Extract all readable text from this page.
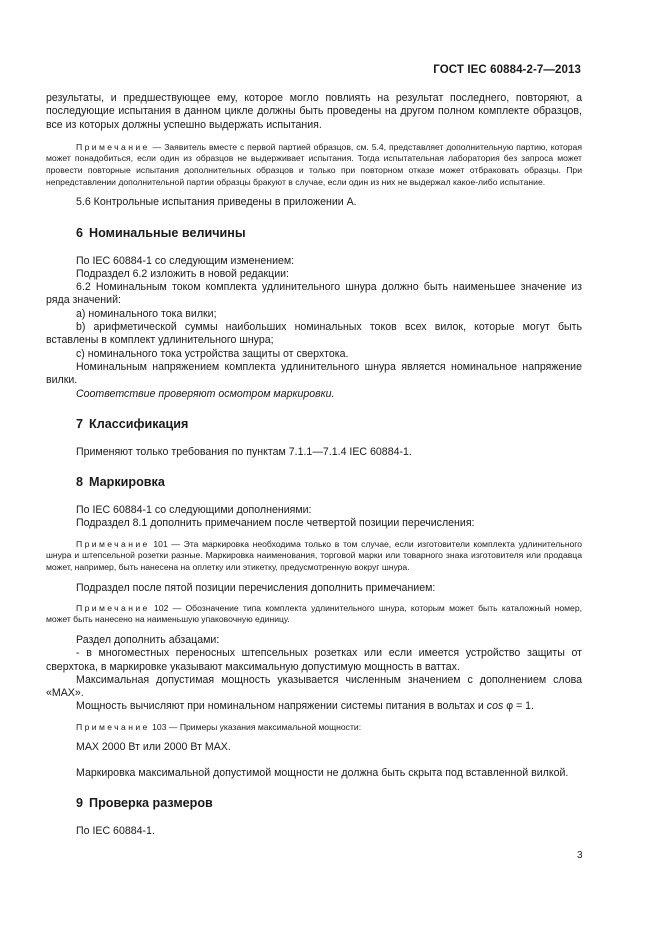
ГОСТ IEC 60884-2-7—2013

результаты, и предшествующее ему, которое могло повлиять на результат последнего, повторяют, а последующие испытания в данном цикле должны быть проведены на другом полном комплекте образцов, все из которых должны успешно выдержать испытания.

Примечание — Заявитель вместе с первой партией образцов, см. 5.4, представляет дополнительную партию, которая может понадобиться, если один из образцов не выдерживает испытания. Тогда испытательная лаборатория без запроса может провести повторные испытания дополнительных образцов и только при повторном отказе может отбраковать образцы. При непредставлении дополнительной партии образцы бракуют в случае, если один из них не выдержал какое-либо испытание.

5.6 Контрольные испытания приведены в приложении А.

6 Номинальные величины

По IEC 60884-1 со следующим изменением:

Подраздел 6.2 изложить в новой редакции:

6.2 Номинальным током комплекта удлинительного шнура должно быть наименьшее значение из ряда значений:

a) номинального тока вилки;

b) арифметической суммы наибольших номинальных токов всех вилок, которые могут быть вставлены в комплект удлинительного шнура;

c) номинального тока устройства защиты от сверхтока.

Номинальным напряжением комплекта удлинительного шнура является номинальное напряжение вилки.

Соответствие проверяют осмотром маркировки.

7 Классификация

Применяют только требования по пунктам 7.1.1—7.1.4 IEC 60884-1.

8 Маркировка

По IEC 60884-1 со следующими дополнениями:

Подраздел 8.1 дополнить примечанием после четвертой позиции перечисления:

Примечание 101 — Эта маркировка необходима только в том случае, если изготовители комплекта удлинительного шнура и штепсельной розетки разные. Маркировка наименования, торговой марки или товарного знака изготовителя или продавца может, например, быть нанесена на оплетку или этикетку, предусмотренную вокруг шнура.

Подраздел после пятой позиции перечисления дополнить примечанием:

Примечание 102 — Обозначение типа комплекта удлинительного шнура, которым может быть каталожный номер, может быть нанесено на наименьшую упаковочную единицу.

Раздел дополнить абзацами:

- в многоместных переносных штепсельных розетках или если имеется устройство защиты от сверхтока, в маркировке указывают максимальную допустимую мощность в ваттах.

Максимальная допустимая мощность указывается численным значением с дополнением слова «MAX».

Мощность вычисляют при номинальном напряжении системы питания в вольтах и cos φ = 1.

Примечание 103 — Примеры указания максимальной мощности:

MAX 2000 Вт или 2000 Вт MAX.

Маркировка максимальной допустимой мощности не должна быть скрыта под вставленной вилкой.

9 Проверка размеров

По IEC 60884-1.

3
